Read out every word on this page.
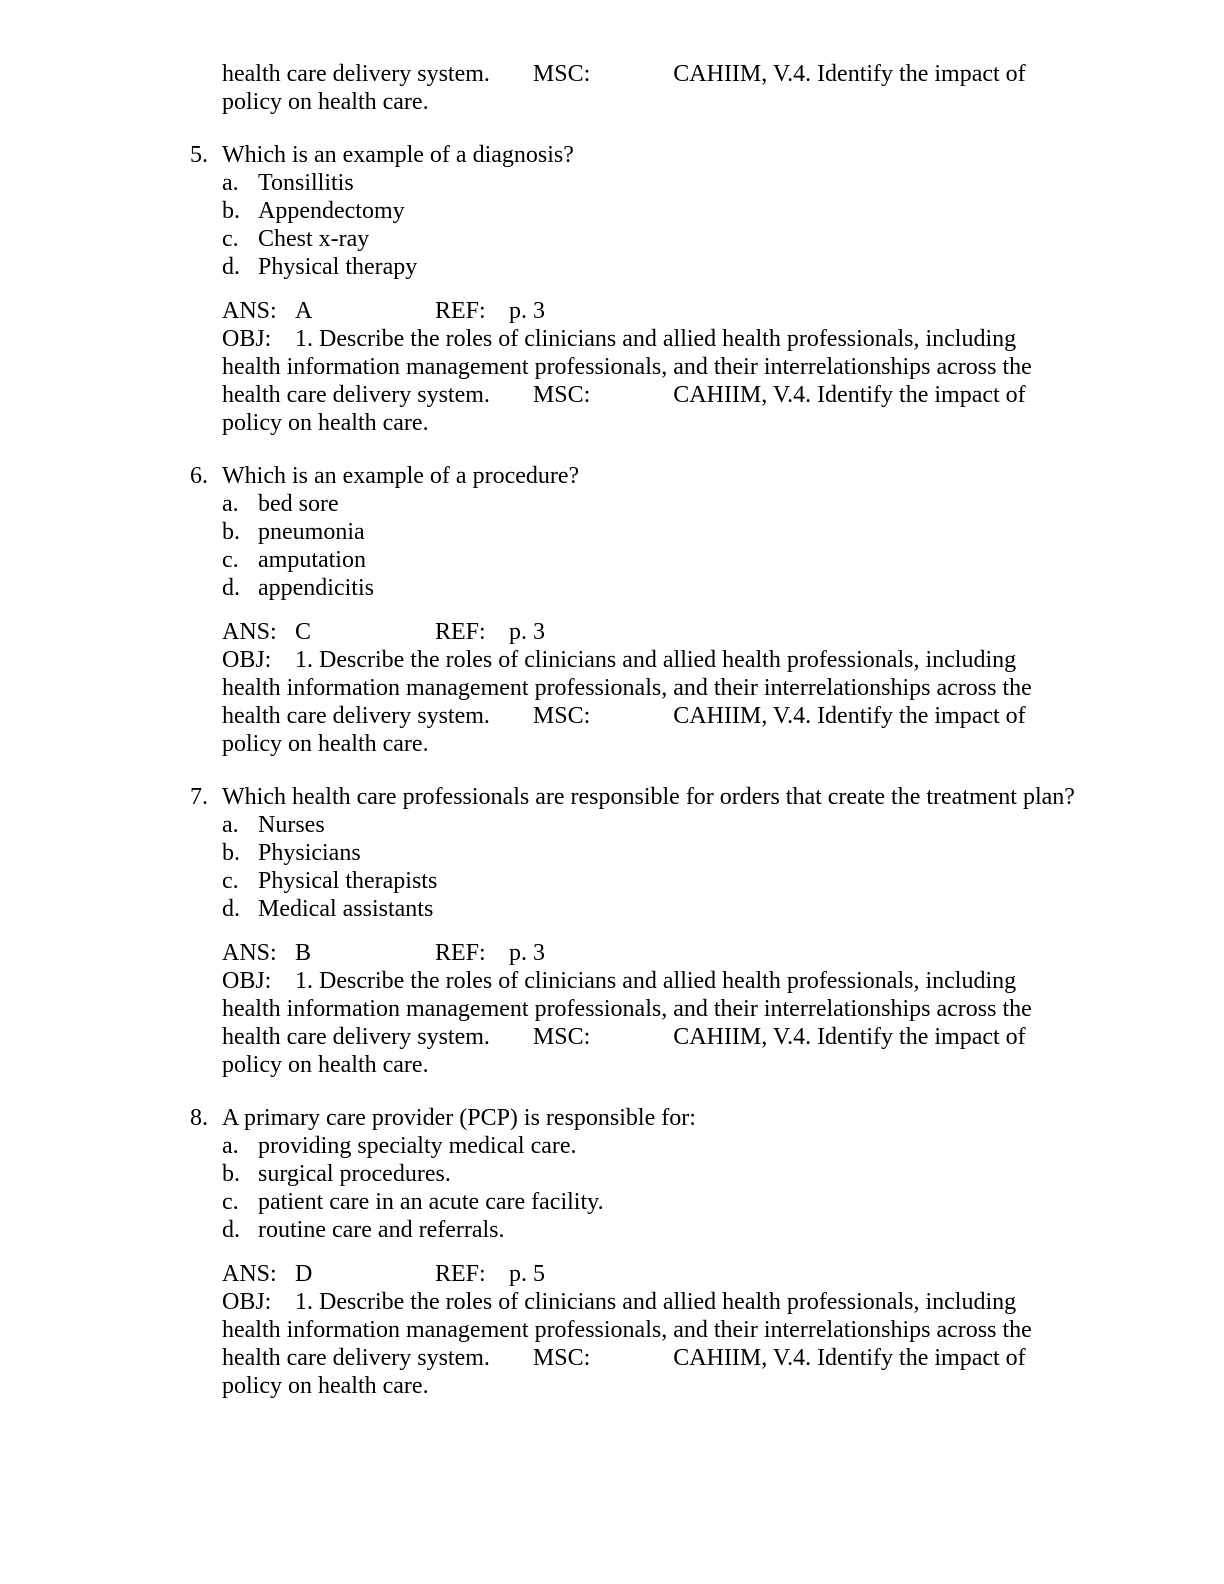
health care delivery system. MSC:	CAHIIM, V.4. Identify the impact of policy on health care.

5. Which is an example of a diagnosis?
a. Tonsillitis
b. Appendectomy
c. Chest x-ray
d. Physical therapy
ANS: A	REF: p. 3

OBJ: 1. Describe the roles of clinicians and allied health professionals, including health information management professionals, and their interrelationships across the health care delivery system. MSC:	CAHIIM, V.4. Identify the impact of policy on health care.

6. Which is an example of a procedure?
a. bed sore
b. pneumonia
c. amputation
d. appendicitis
ANS: C	REF: p. 3

OBJ: 1. Describe the roles of clinicians and allied health professionals, including health information management professionals, and their interrelationships across the health care delivery system. MSC:	CAHIIM, V.4. Identify the impact of policy on health care.

7. Which health care professionals are responsible for orders that create the treatment plan?
a. Nurses
b. Physicians
c. Physical therapists
d. Medical assistants
ANS: B	REF: p. 3

OBJ: 1. Describe the roles of clinicians and allied health professionals, including health information management professionals, and their interrelationships across the health care delivery system. MSC:	CAHIIM, V.4. Identify the impact of policy on health care.

8. A primary care provider (PCP) is responsible for:
a. providing specialty medical care.
b. surgical procedures.
c. patient care in an acute care facility.
d. routine care and referrals.
ANS: D	REF: p. 5

OBJ: 1. Describe the roles of clinicians and allied health professionals, including health information management professionals, and their interrelationships across the health care delivery system. MSC:	CAHIIM, V.4. Identify the impact of policy on health care.
